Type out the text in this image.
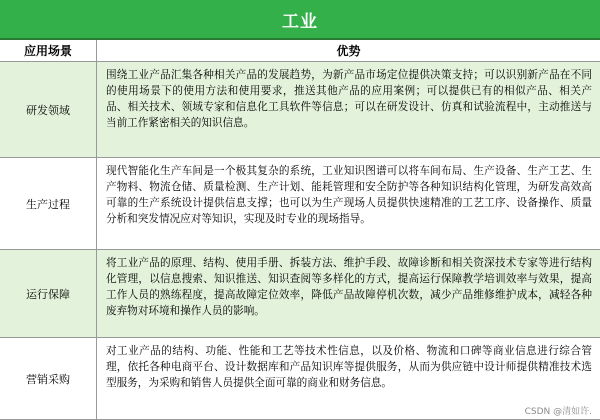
工业
应用场景	优势
研发领域
围绕工业产品汇集各种相关产品的发展趋势，为新产品市场定位提供决策支持；可以识别新产品在不同的使用场景下的使用方法和使用要求，推送其他产品的应用案例；可以提供已有的相似产品、相关产品、相关技术、领域专家和信息化工具软件等信息；可以在研发设计、仿真和试验流程中，主动推送与当前工作紧密相关的知识信息。
生产过程
现代智能化生产车间是一个极其复杂的系统，工业知识图谱可以将车间布局、生产设备、生产工艺、生产物料、物流仓储、质量检测、生产计划、能耗管理和安全防护等各种知识结构化管理，为研发高效高可靠的生产系统设计提供信息支撑；也可以为生产现场人员提供快速精准的工艺工序、设备操作、质量分析和突发情况应对等知识，实现及时专业的现场指导。
运行保障
将工业产品的原理、结构、使用手册、拆装方法、维护手段、故障诊断和相关资深技术专家等进行结构化管理，以信息搜索、知识推送、知识查阅等多样化的方式，提高运行保障教学培训效率与效果，提高工作人员的熟练程度，提高故障定位效率，降低产品故障停机次数，减少产品维修维护成本，减轻各种废弃物对环境和操作人员的影响。
营销采购
对工业产品的结构、功能、性能和工艺等技术性信息，以及价格、物流和口碑等商业信息进行综合管理，依托各种电商平台、设计数据库和产品知识库等提供服务，从而为供应链中设计师提供精准技术选型服务，为采购和销售人员提供全面可靠的商业和财务信息。
CSDN @清如许.
